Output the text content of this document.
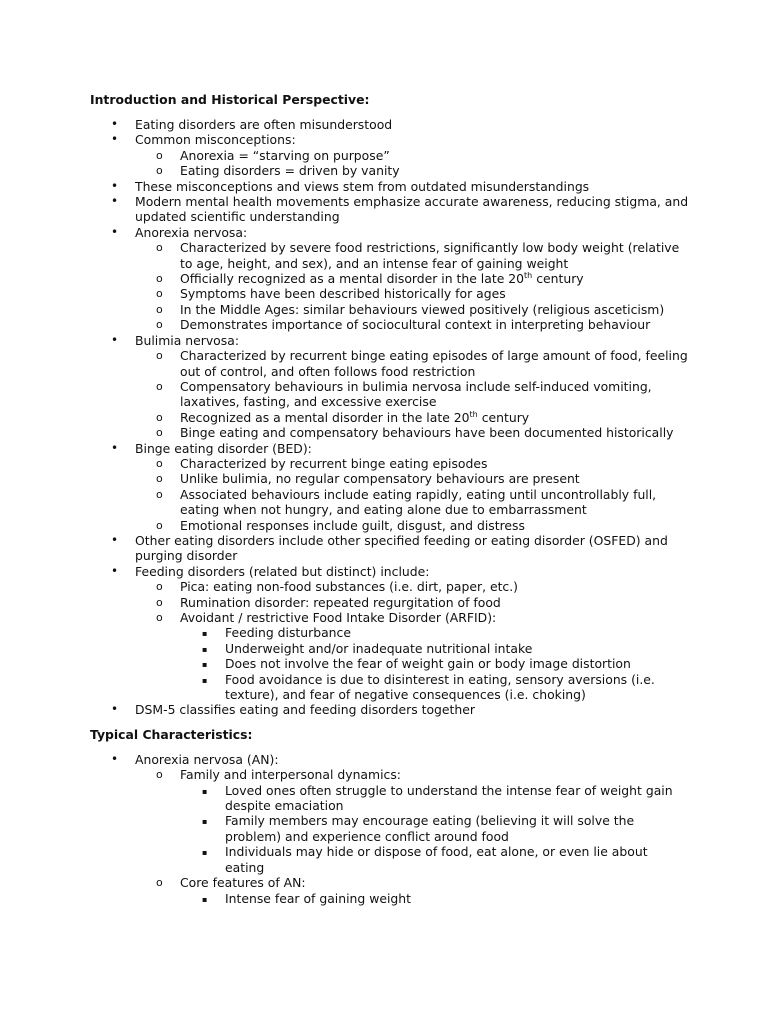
Introduction and Historical Perspective:
• Eating disorders are often misunderstood
• Common misconceptions:
o Anorexia = “starving on purpose”
o Eating disorders = driven by vanity
• These misconceptions and views stem from outdated misunderstandings
• Modern mental health movements emphasize accurate awareness, reducing stigma, and updated scientific understanding
• Anorexia nervosa:
o Characterized by severe food restrictions, significantly low body weight (relative to age, height, and sex), and an intense fear of gaining weight
o Officially recognized as a mental disorder in the late 20th century
o Symptoms have been described historically for ages
o In the Middle Ages: similar behaviours viewed positively (religious asceticism)
o Demonstrates importance of sociocultural context in interpreting behaviour
• Bulimia nervosa:
o Characterized by recurrent binge eating episodes of large amount of food, feeling out of control, and often follows food restriction
o Compensatory behaviours in bulimia nervosa include self-induced vomiting, laxatives, fasting, and excessive exercise
o Recognized as a mental disorder in the late 20th century
o Binge eating and compensatory behaviours have been documented historically
• Binge eating disorder (BED):
o Characterized by recurrent binge eating episodes
o Unlike bulimia, no regular compensatory behaviours are present
o Associated behaviours include eating rapidly, eating until uncontrollably full, eating when not hungry, and eating alone due to embarrassment
o Emotional responses include guilt, disgust, and distress
• Other eating disorders include other specified feeding or eating disorder (OSFED) and purging disorder
• Feeding disorders (related but distinct) include:
o Pica: eating non-food substances (i.e. dirt, paper, etc.)
o Rumination disorder: repeated regurgitation of food
o Avoidant / restrictive Food Intake Disorder (ARFID):
▪ Feeding disturbance
▪ Underweight and/or inadequate nutritional intake
▪ Does not involve the fear of weight gain or body image distortion
▪ Food avoidance is due to disinterest in eating, sensory aversions (i.e. texture), and fear of negative consequences (i.e. choking)
• DSM-5 classifies eating and feeding disorders together
Typical Characteristics:
• Anorexia nervosa (AN):
o Family and interpersonal dynamics:
▪ Loved ones often struggle to understand the intense fear of weight gain despite emaciation
▪ Family members may encourage eating (believing it will solve the problem) and experience conflict around food
▪ Individuals may hide or dispose of food, eat alone, or even lie about eating
o Core features of AN:
▪ Intense fear of gaining weight
